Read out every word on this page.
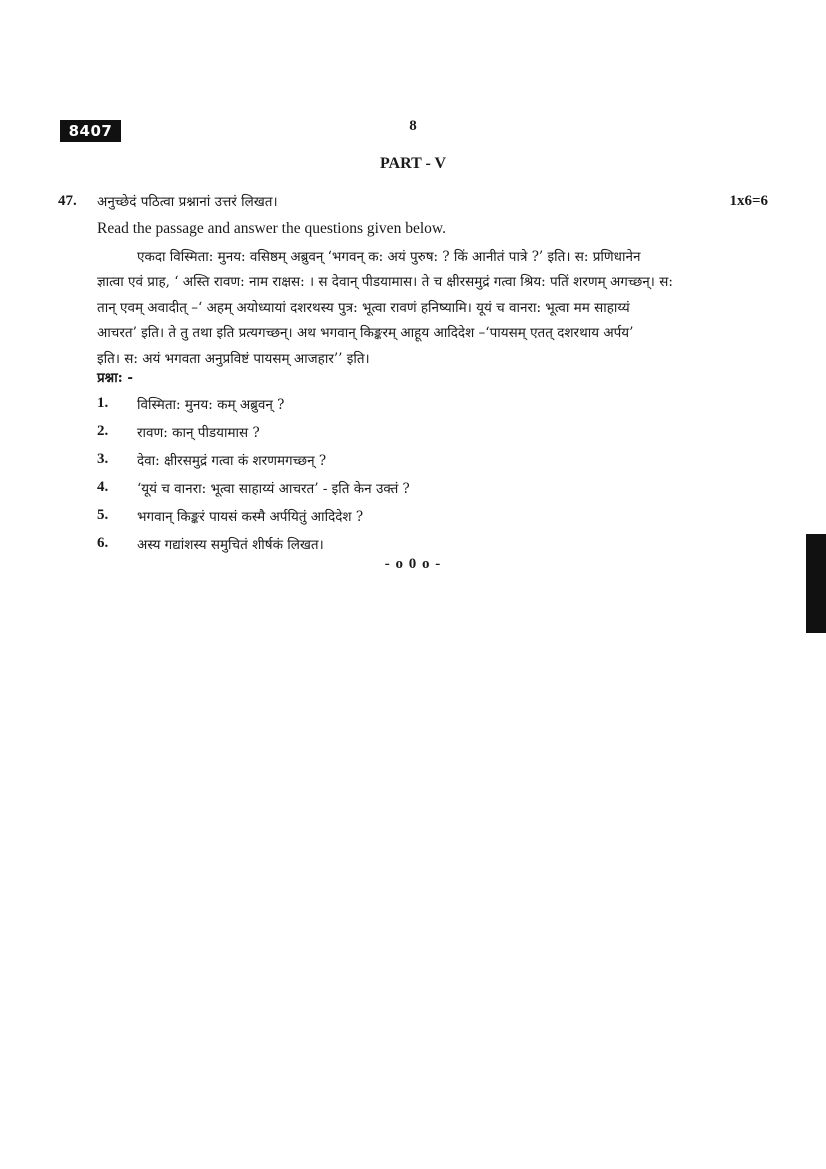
8407	8
PART - V
47. अनुच्छेदं पठित्वा प्रश्नानां उत्तरं लिखत।	1x6=6
Read the passage and answer the questions given below.
एकदा विस्मिता: मुनय: वसिष्ठम् अब्रुवन् ‘भगवन् क: अयं पुरुष: ? किं आनीतं पात्रे ?’ इति। स: प्रणिधानेन
ज्ञात्वा एवं प्राह, ‘ अस्ति रावण: नाम राक्षस: । स देवान् पीडयामास। ते च क्षीरसमुद्रं गत्वा श्रिय: पतिं शरणम् अगच्छन्। स:
तान् एवम् अवादीत् –‘ अहम् अयोध्यायां दशरथस्य पुत्र: भूत्वा रावणं हनिष्यामि। यूयं च वानरा: भूत्वा मम साहाय्यं
आचरत’ इति। ते तु तथा इति प्रत्यगच्छन्। अथ भगवान् किङ्करम् आहूय आदिदेश –‘पायसम् एतत् दशरथाय अर्पय’
इति। स: अयं भगवता अनुप्रविष्टं पायसम् आजहार’’ इति।
प्रश्ना: -
1.	विस्मिता: मुनय: कम् अब्रुवन् ?
2.	रावण: कान् पीडयामास ?
3.	देवा: क्षीरसमुद्रं गत्वा कं शरणमगच्छन् ?
4.	‘यूयं च वानरा: भूत्वा साहाय्यं आचरत’ - इति केन उक्तं ?
5.	भगवान् किङ्करं पायसं कस्मै अर्पयितुं आदिदेश ?
6.	अस्य गद्यांशस्य समुचितं शीर्षकं लिखत।
- o 0 o -
